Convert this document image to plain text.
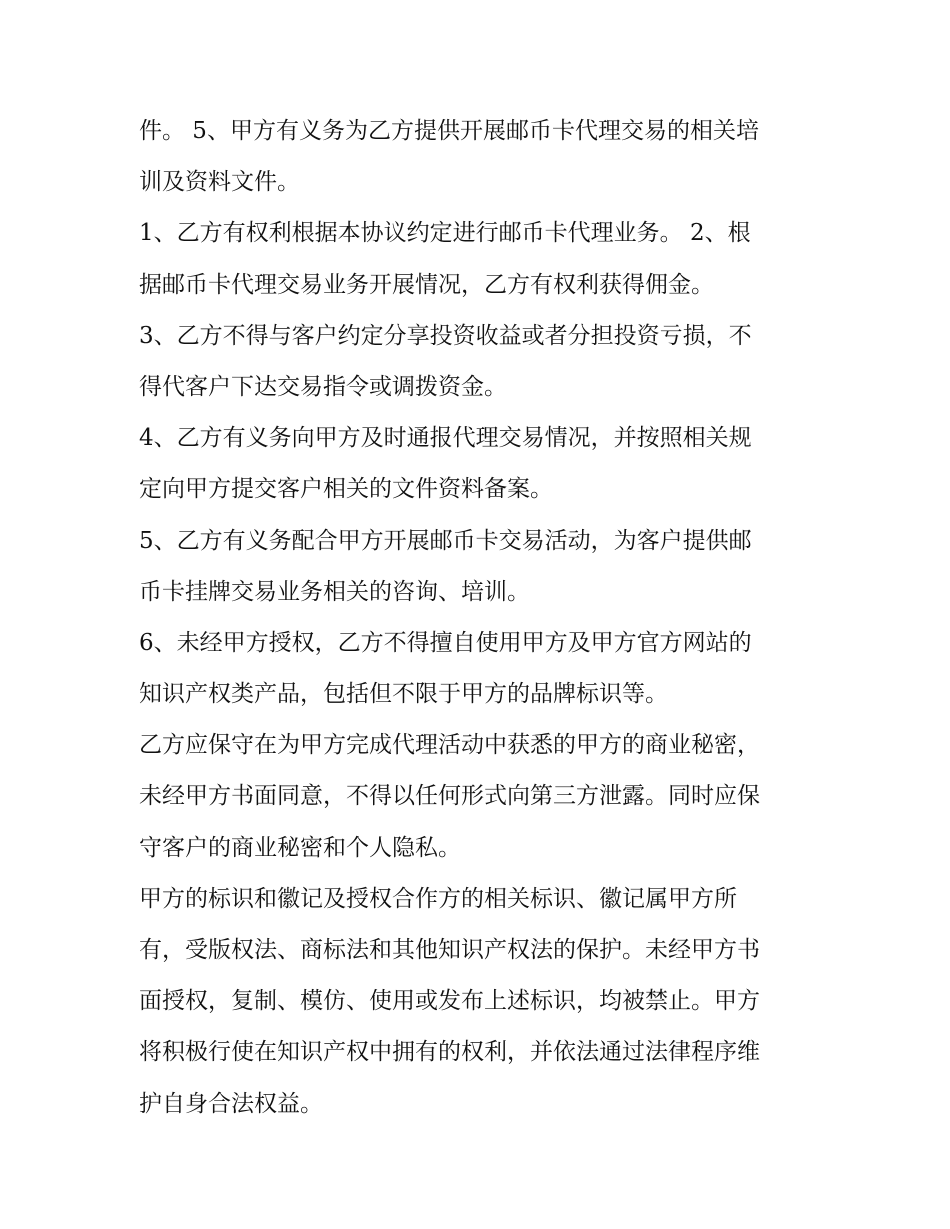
件。 5、甲方有义务为乙方提供开展邮币卡代理交易的相关培
训及资料文件。

1、乙方有权利根据本协议约定进行邮币卡代理业务。 2、根
据邮币卡代理交易业务开展情况，乙方有权利获得佣金。

3、乙方不得与客户约定分享投资收益或者分担投资亏损，不
得代客户下达交易指令或调拨资金。

4、乙方有义务向甲方及时通报代理交易情况，并按照相关规
定向甲方提交客户相关的文件资料备案。

5、乙方有义务配合甲方开展邮币卡交易活动，为客户提供邮
币卡挂牌交易业务相关的咨询、培训。

6、未经甲方授权，乙方不得擅自使用甲方及甲方官方网站的
知识产权类产品，包括但不限于甲方的品牌标识等。

乙方应保守在为甲方完成代理活动中获悉的甲方的商业秘密，
未经甲方书面同意，不得以任何形式向第三方泄露。同时应保
守客户的商业秘密和个人隐私。

甲方的标识和徽记及授权合作方的相关标识、徽记属甲方所
有，受版权法、商标法和其他知识产权法的保护。未经甲方书
面授权，复制、模仿、使用或发布上述标识，均被禁止。甲方
将积极行使在知识产权中拥有的权利，并依法通过法律程序维
护自身合法权益。
